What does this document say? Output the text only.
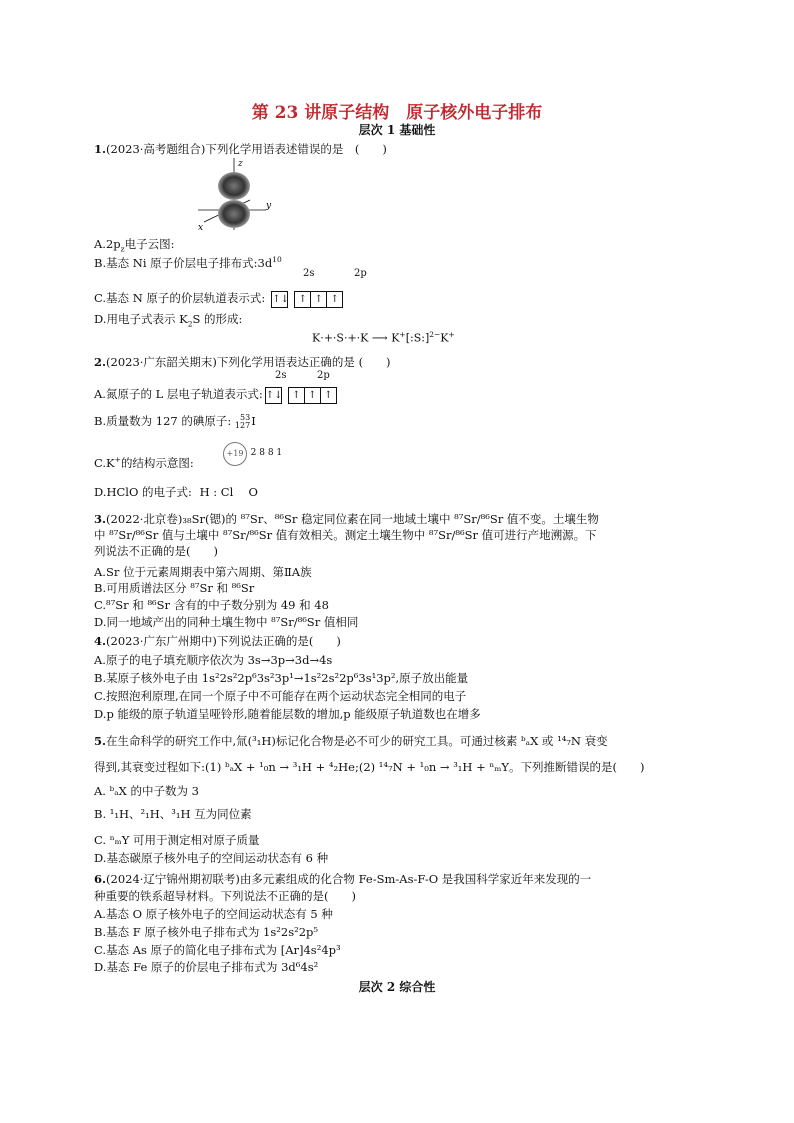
第 23 讲原子结构　原子核外电子排布
层次 1 基础性
1.(2023·高考题组合)下列化学用语表述错误的是　(　　)
z
y
x
$A.2p_z$电子云图:
B.基态 Ni 原子价层电子排布式$:3d^{10}$
2s	2p
C.基态 N 原子的价层轨道表示式: ↑↓ ↑ ↑ ↑
D.用电子式表示 $K_2S$ 的形成:
K·+·S·+·K ⟶ K+[:S:]$^{2-}$K+
2.(2023·广东韶关期末)下列化学用语表达正确的是 (　　)
2s	2p
A.氮原子的 L 层电子轨道表示式: ↑↓ ↑ ↑ ↑
B.质量数为 127 的碘原子: 53
127I
+19 2 8 8 1
C.K+的结构示意图:
D.HClO 的电子式: H : Cl　 O
3.(2022·北京卷)₃₈Sr(锶)的 ⁸⁷Sr、⁸⁶Sr 稳定同位素在同一地域土壤中 ⁸⁷Sr/⁸⁶Sr 值不变。土壤生物
中 ⁸⁷Sr/⁸⁶Sr 值与土壤中 ⁸⁷Sr/⁸⁶Sr 值有效相关。测定土壤生物中 ⁸⁷Sr/⁸⁶Sr 值可进行产地溯源。下
列说法不正确的是(　　)
A.Sr 位于元素周期表中第六周期、第ⅡA族
B.可用质谱法区分 ⁸⁷Sr 和 ⁸⁶Sr
C.⁸⁷Sr 和 ⁸⁶Sr 含有的中子数分别为 49 和 48
D.同一地域产出的同种土壤生物中 ⁸⁷Sr/⁸⁶Sr 值相同
4.(2023·广东广州期中)下列说法正确的是(　　)
A.原子的电子填充顺序依次为 3s→3p→3d→4s
B.某原子核外电子由 1s²2s²2p⁶3s²3p¹→1s²2s²2p⁶3s¹3p²,原子放出能量
C.按照泡利原理,在同一个原子中不可能存在两个运动状态完全相同的电子
D.p 能级的原子轨道呈哑铃形,随着能层数的增加,p 能级原子轨道数也在增多
5.在生命科学的研究工作中,氚(³₁H)标记化合物是必不可少的研究工具。可通过核素 ᵇₐX 或 ¹⁴₇N 衰变
得到,其衰变过程如下:(1) ᵇₐX + ¹₀n → ³₁H + ⁴₂He;(2) ¹⁴₇N + ¹₀n → ³₁H + ⁿₘY。下列推断错误的是(　　)
A. ᵇₐX 的中子数为 3
B. ¹₁H、²₁H、³₁H 互为同位素
C. ⁿₘY 可用于测定相对原子质量
D.基态碳原子核外电子的空间运动状态有 6 种
6.(2024·辽宁锦州期初联考)由多元素组成的化合物 Fe-Sm-As-F-O 是我国科学家近年来发现的一
种重要的铁系超导材料。下列说法不正确的是(　　)
A.基态 O 原子核外电子的空间运动状态有 5 种
B.基态 F 原子核外电子排布式为 1s²2s²2p⁵
C.基态 As 原子的简化电子排布式为 [Ar]4s²4p³
D.基态 Fe 原子的价层电子排布式为 3d⁶4s²
层次 2 综合性
